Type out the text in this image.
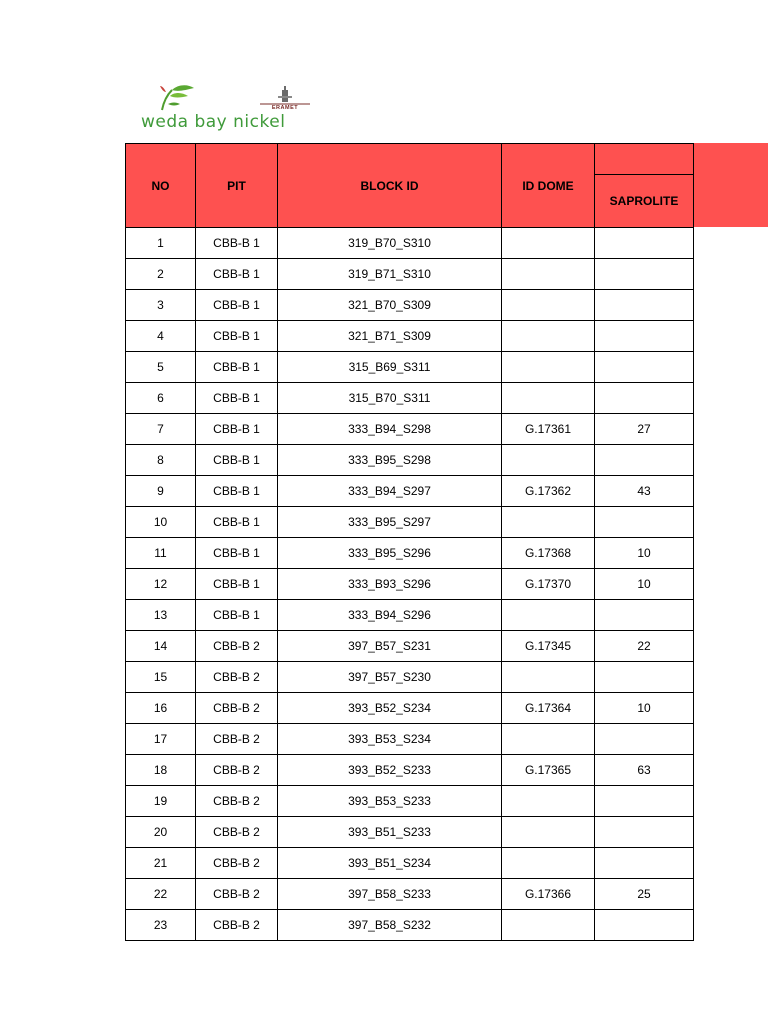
ERAMET
weda bay nickel
NO	PIT	BLOCK ID	ID DOME	
				SAPROLITE
1	CBB-B 1	319_B70_S310		
2	CBB-B 1	319_B71_S310		
3	CBB-B 1	321_B70_S309		
4	CBB-B 1	321_B71_S309		
5	CBB-B 1	315_B69_S311		
6	CBB-B 1	315_B70_S311		
7	CBB-B 1	333_B94_S298	G.17361	27
8	CBB-B 1	333_B95_S298		
9	CBB-B 1	333_B94_S297	G.17362	43
10	CBB-B 1	333_B95_S297		
11	CBB-B 1	333_B95_S296	G.17368	10
12	CBB-B 1	333_B93_S296	G.17370	10
13	CBB-B 1	333_B94_S296		
14	CBB-B 2	397_B57_S231	G.17345	22
15	CBB-B 2	397_B57_S230		
16	CBB-B 2	393_B52_S234	G.17364	10
17	CBB-B 2	393_B53_S234		
18	CBB-B 2	393_B52_S233	G.17365	63
19	CBB-B 2	393_B53_S233		
20	CBB-B 2	393_B51_S233		
21	CBB-B 2	393_B51_S234		
22	CBB-B 2	397_B58_S233	G.17366	25
23	CBB-B 2	397_B58_S232		
